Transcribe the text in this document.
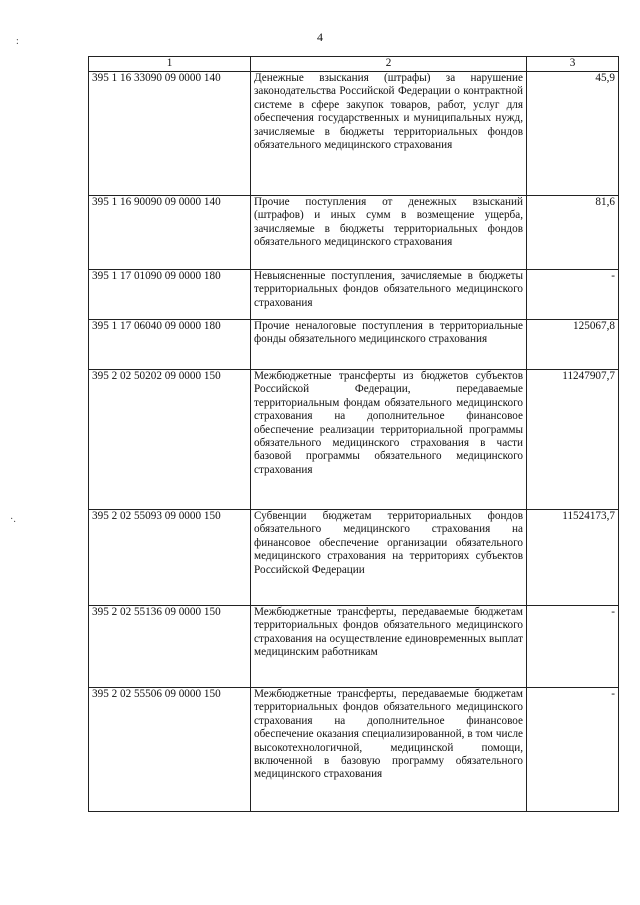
4
:
·.
1	2	3
395 1 16 33090 09 0000 140	Денежные взыскания (штрафы) за нарушение законодательства Российской Федерации о контрактной системе в сфере закупок товаров, работ, услуг для обеспечения государственных и муниципальных нужд, зачисляемые в бюджеты территориальных фондов обязательного медицинского страхования	45,9
395 1 16 90090 09 0000 140	Прочие поступления от денежных взысканий (штрафов) и иных сумм в возмещение ущерба, зачисляемые в бюджеты территориальных фондов обязательного медицинского страхования	81,6
395 1 17 01090 09 0000 180	Невыясненные поступления, зачисляемые в бюджеты территориальных фондов обязательного медицинского страхования	-
395 1 17 06040 09 0000 180	Прочие неналоговые поступления в территориальные фонды обязательного медицинского страхования	125067,8
395 2 02 50202 09 0000 150	Межбюджетные трансферты из бюджетов субъектов Российской Федерации, передаваемые территориальным фондам обязательного медицинского страхования на дополнительное финансовое обеспечение реализации территориальной программы обязательного медицинского страхования в части базовой программы обязательного медицинского страхования	11247907,7
395 2 02 55093 09 0000 150	Субвенции бюджетам территориальных фондов обязательного медицинского страхования на финансовое обеспечение организации обязательного медицинского страхования на территориях субъектов Российской Федерации	11524173,7
395 2 02 55136 09 0000 150	Межбюджетные трансферты, передаваемые бюджетам территориальных фондов обязательного медицинского страхования на осуществление единовременных выплат медицинским работникам	-
395 2 02 55506 09 0000 150	Межбюджетные трансферты, передаваемые бюджетам территориальных фондов обязательного медицинского страхования на дополнительное финансовое обеспечение оказания специализированной, в том числе высокотехнологичной, медицинской помощи, включенной в базовую программу обязательного медицинского страхования	-
